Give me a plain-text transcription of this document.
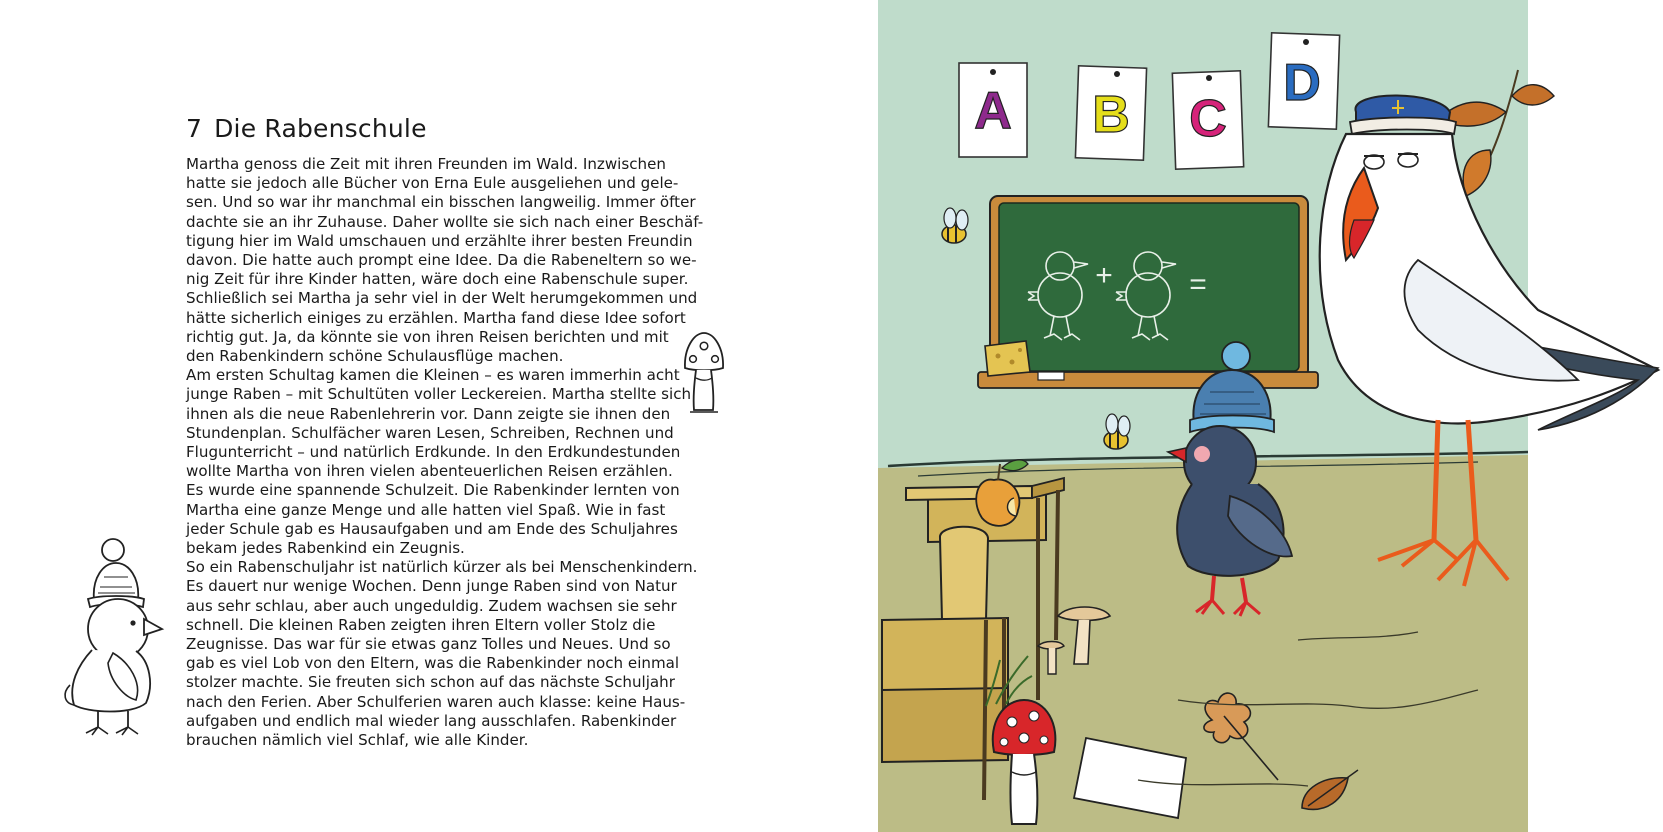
7 Die Rabenschule
Martha genoss die Zeit mit ihren Freunden im Wald. Inzwischen
hatte sie jedoch alle Bücher von Erna Eule ausgeliehen und gele-
sen. Und so war ihr manchmal ein bisschen langweilig. Immer öfter
dachte sie an ihr Zuhause. Daher wollte sie sich nach einer Beschäf-
tigung hier im Wald umschauen und erzählte ihrer besten Freundin
davon. Die hatte auch prompt eine Idee. Da die Rabeneltern so we-
nig Zeit für ihre Kinder hatten, wäre doch eine Rabenschule super.
Schließlich sei Martha ja sehr viel in der Welt herumgekommen und
hätte sicherlich einiges zu erzählen. Martha fand diese Idee sofort
richtig gut. Ja, da könnte sie von ihren Reisen berichten und mit
den Rabenkindern schöne Schulausflüge machen.
Am ersten Schultag kamen die Kleinen – es waren immerhin acht
junge Raben – mit Schultüten voller Leckereien. Martha stellte sich
ihnen als die neue Rabenlehrerin vor. Dann zeigte sie ihnen den
Stundenplan. Schulfächer waren Lesen, Schreiben, Rechnen und
Flugunterricht – und natürlich Erdkunde. In den Erdkundestunden
wollte Martha von ihren vielen abenteuerlichen Reisen erzählen.
Es wurde eine spannende Schulzeit. Die Rabenkinder lernten von
Martha eine ganze Menge und alle hatten viel Spaß. Wie in fast
jeder Schule gab es Hausaufgaben und am Ende des Schuljahres
bekam jedes Rabenkind ein Zeugnis.
So ein Rabenschuljahr ist natürlich kürzer als bei Menschenkindern.
Es dauert nur wenige Wochen. Denn junge Raben sind von Natur
aus sehr schlau, aber auch ungeduldig. Zudem wachsen sie sehr
schnell. Die kleinen Raben zeigten ihren Eltern voller Stolz die
Zeugnisse. Das war für sie etwas ganz Tolles und Neues. Und so
gab es viel Lob von den Eltern, was die Rabenkinder noch einmal
stolzer machte. Sie freuten sich schon auf das nächste Schuljahr
nach den Ferien. Aber Schulferien waren auch klasse: keine Haus-
aufgaben und endlich mal wieder lang ausschlafen. Rabenkinder
brauchen nämlich viel Schlaf, wie alle Kinder.
A B C
D
+	=
